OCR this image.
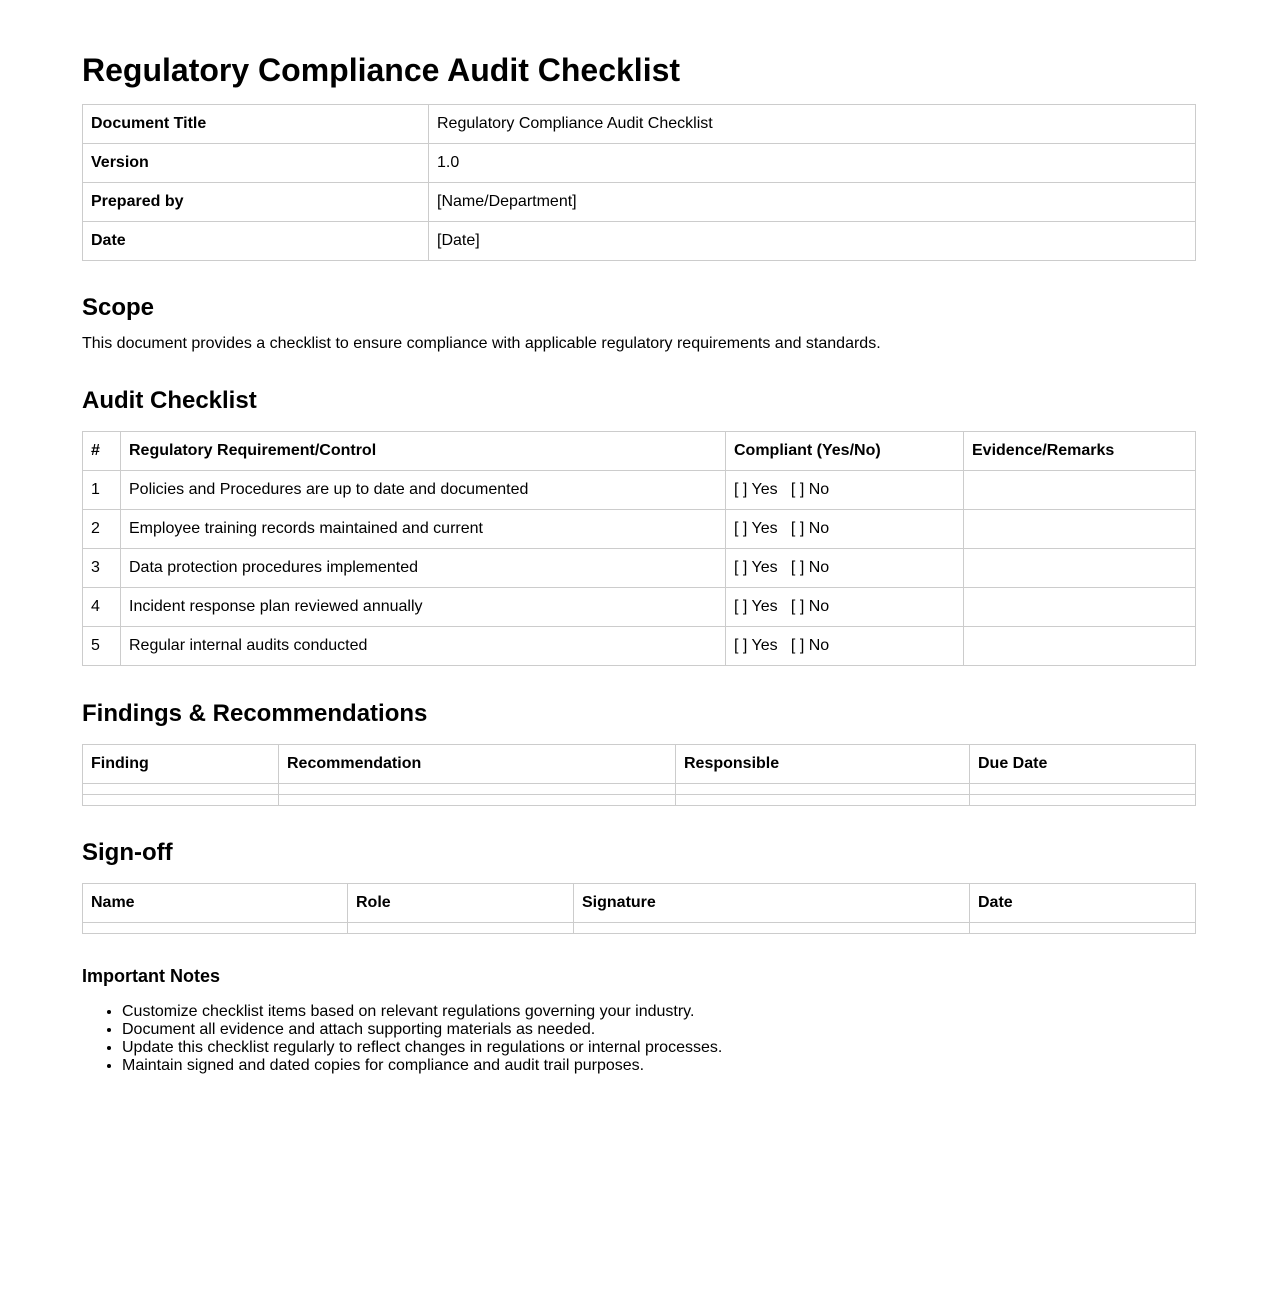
Regulatory Compliance Audit Checklist
Document Title	Regulatory Compliance Audit Checklist
Version	1.0
Prepared by	[Name/Department]
Date	[Date]
Scope

This document provides a checklist to ensure compliance with applicable regulatory requirements and standards.

Audit Checklist
#	Regulatory Requirement/Control	Compliant (Yes/No)	Evidence/Remarks
1	Policies and Procedures are up to date and documented	[ ] Yes   [ ] No	
2	Employee training records maintained and current	[ ] Yes   [ ] No	
3	Data protection procedures implemented	[ ] Yes   [ ] No	
4	Incident response plan reviewed annually	[ ] Yes   [ ] No	
5	Regular internal audits conducted	[ ] Yes   [ ] No	
Findings & Recommendations
Finding	Recommendation	Responsible	Due Date

Sign-off
Name	Role	Signature	Date

Important Notes
• Customize checklist items based on relevant regulations governing your industry.
• Document all evidence and attach supporting materials as needed.
• Update this checklist regularly to reflect changes in regulations or internal processes.
• Maintain signed and dated copies for compliance and audit trail purposes.
